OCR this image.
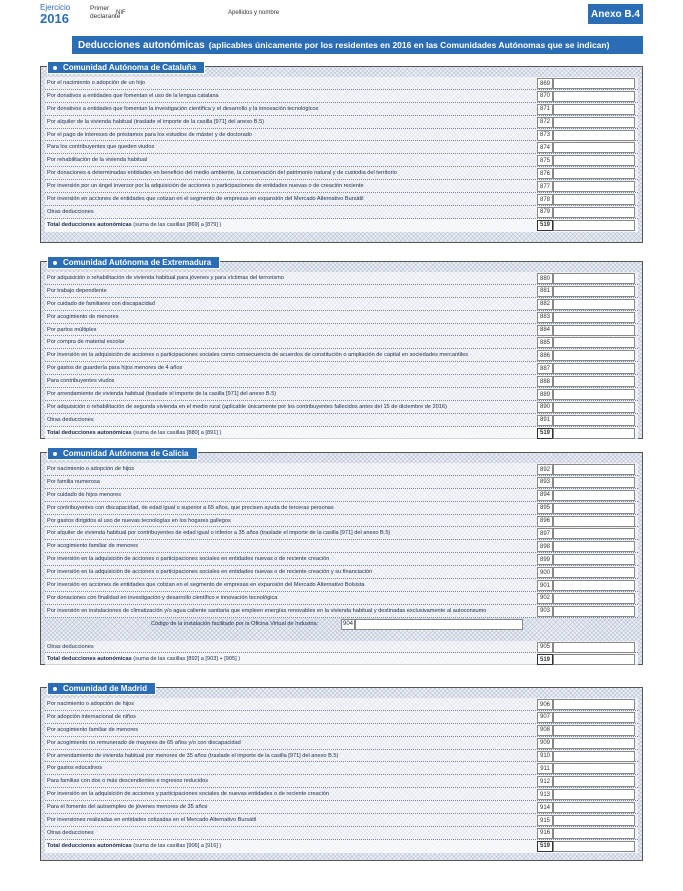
Ejercicio
2016
Primer declarante
NIF	Apellidos y nombre	Anexo B.4
Deducciones autonómicas (aplicables únicamente por los residentes en 2016 en las Comunidades Autónomas que se indican)
Comunidad Autónoma de Cataluña
Por el nacimiento o adopción de un hijo	869
Por donativos a entidades que fomentan el uso de la lengua catalana	870
Por donativos a entidades que fomentan la investigación científica y el desarrollo y la innovación tecnológicos	871
Por alquiler de la vivienda habitual (traslade el importe de la casilla [971] del anexo B.5)	872
Por el pago de intereses de préstamos para los estudios de máster y de doctorado	873
Para los contribuyentes que queden viudos	874
Por rehabilitación de la vivienda habitual	875
Por donaciones a determinadas entidades en beneficio del medio ambiente, la conservación del patrimonio natural y de custodia del territorio	876
Por inversión por un ángel inversor por la adquisición de acciones o participaciones de entidades nuevas o de creación reciente	877
Por inversión en acciones de entidades que cotizan en el segmento de empresas en expansión del Mercado Alternativo Bursátil	878
Otras deducciones	879
Total deducciones autonómicas (suma de las casillas [869] a [879] )	519
Comunidad Autónoma de Extremadura
Por adquisición o rehabilitación de vivienda habitual para jóvenes y para víctimas del terrorismo	880
Por trabajo dependiente	881
Por cuidado de familiares con discapacidad	882
Por acogimiento de menores	883
Por partos múltiples	884
Por compra de material escolar	885
Por inversión en la adquisición de acciones o participaciones sociales como consecuencia de acuerdos de constitución o ampliación de capital en sociedades mercantiles	886
Por gastos de guardería para hijos menores de 4 años	887
Para contribuyentes viudos	888
Por arrendamiento de vivienda habitual (traslade el importe de la casilla [971] del anexo B.5)	889
Por adquisición o rehabilitación de segunda vivienda en el medio rural (aplicable únicamente por los contribuyentes fallecidos antes del 15 de diciembre de 2016)	890
Otras deducciones	891
Total deducciones autonómicas (suma de las casillas [880] a [891] )	519
Comunidad Autónoma de Galicia
Por nacimiento o adopción de hijos	892
Por familia numerosa	893
Por cuidado de hijos menores	894
Por contribuyentes con discapacidad, de edad igual o superior a 65 años, que precisen ayuda de terceras personas	895
Por gastos dirigidos al uso de nuevas tecnologías en los hogares gallegos	896
Por alquiler de vivienda habitual por contribuyentes de edad igual o inferior a 35 años (traslade el importe de la casilla [971] del anexo B.5)	897
Por acogimiento familiar de menores	898
Por inversión en la adquisición de acciones o participaciones sociales en entidades nuevas o de reciente creación	899
Por inversión en la adquisición de acciones o participaciones sociales en entidades nuevas o de reciente creación y su financiación	900
Por inversión en acciones de entidades que cotizan en el segmento de empresas en expansión del Mercado Alternativo Bolsista	901
Por donaciones con finalidad en investigación y desarrollo científico e innovación tecnológica	902
Por inversión en instalaciones de climatización y/o agua caliente sanitaria que empleen energías renovables en la vivienda habitual y destinadas exclusivamente al autoconsumo	903
Código de la instalación facilitado por la Oficina Virtual de Industria:	904
Otras deducciones	905
Total deducciones autonómicas (suma de las casillas [892] a [903] + [905] )	519
Comunidad de Madrid
Por nacimiento o adopción de hijos	906
Por adopción internacional de niños	907
Por acogimiento familiar de menores	908
Por acogimiento no remunerado de mayores de 65 años y/o con discapacidad	909
Por arrendamiento de vivienda habitual por menores de 35 años (traslade el importe de la casilla [971] del anexo B.5)	910
Por gastos educativos	911
Para familias con dos o más descendientes e ingresos reducidos	912
Por inversión en la adquisición de acciones y participaciones sociales de nuevas entidades o de reciente creación	913
Para el fomento del autoempleo de jóvenes menores de 35 años	914
Por inversiones realizadas en entidades cotizadas en el Mercado Alternativo Bursátil	915
Otras deducciones	916
Total deducciones autonómicas (suma de las casillas [906] a [916] )	519
